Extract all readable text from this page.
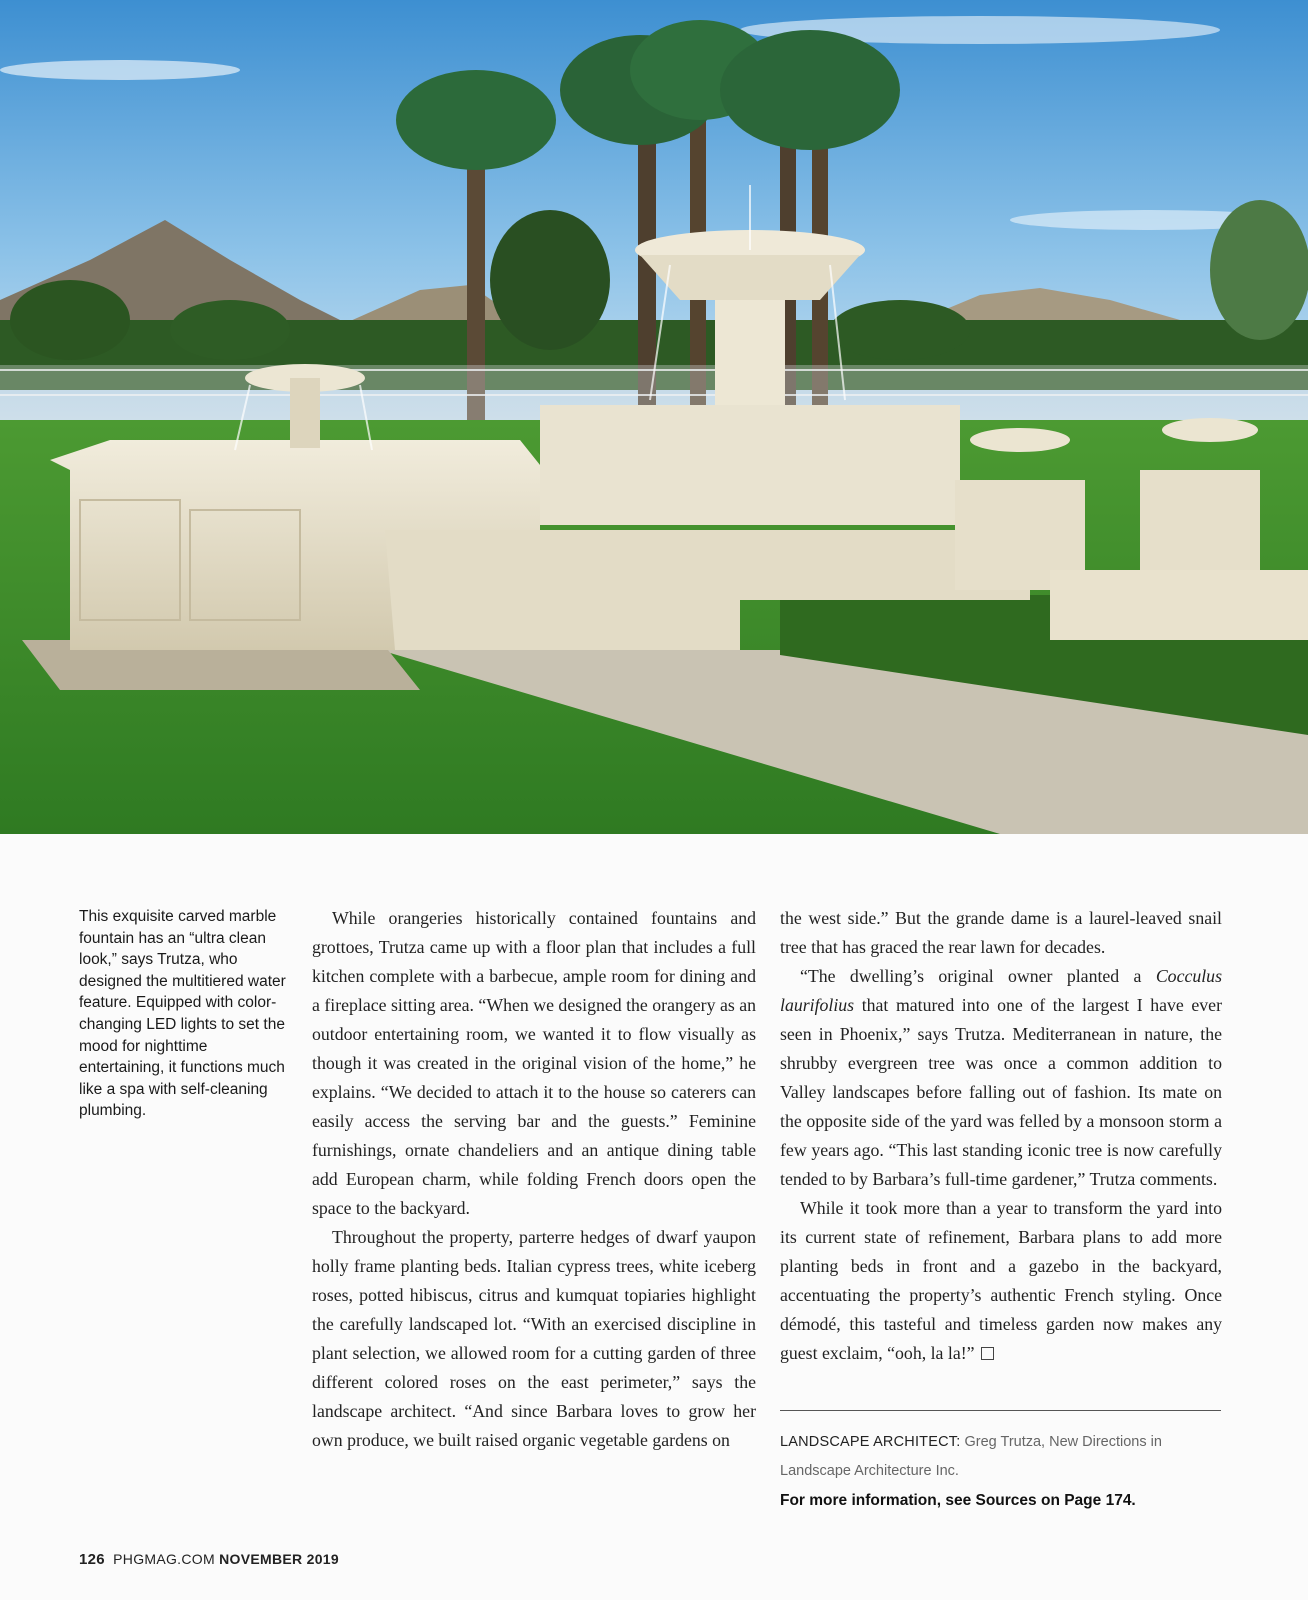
This exquisite carved marble fountain has an “ultra clean look,” says Trutza, who designed the multitiered water feature. Equipped with color-changing LED lights to set the mood for nighttime entertaining, it functions much like a spa with self-cleaning plumbing.

While orangeries historically contained fountains and grottoes, Trutza came up with a floor plan that includes a full kitchen complete with a barbecue, ample room for dining and a fireplace sitting area. “When we designed the orangery as an outdoor entertaining room, we wanted it to flow visually as though it was created in the original vision of the home,” he explains. “We decided to attach it to the house so caterers can easily access the serving bar and the guests.” Feminine furnishings, ornate chandeliers and an antique dining table add European charm, while folding French doors open the space to the backyard.

Throughout the property, parterre hedges of dwarf yaupon holly frame planting beds. Italian cypress trees, white iceberg roses, potted hibiscus, citrus and kumquat topiaries highlight the carefully landscaped lot. “With an exercised discipline in plant selection, we allowed room for a cutting garden of three different colored roses on the east perimeter,” says the landscape architect. “And since Barbara loves to grow her own produce, we built raised organic vegetable gardens on

the west side.” But the grande dame is a laurel-leaved snail tree that has graced the rear lawn for decades.

“The dwelling’s original owner planted a Cocculus laurifolius that matured into one of the largest I have ever seen in Phoenix,” says Trutza. Mediterranean in nature, the shrubby evergreen tree was once a common addition to Valley landscapes before falling out of fashion. Its mate on the opposite side of the yard was felled by a monsoon storm a few years ago. “This last standing iconic tree is now carefully tended to by Barbara’s full-time gardener,” Trutza comments.

While it took more than a year to transform the yard into its current state of refinement, Barbara plans to add more planting beds in front and a gazebo in the backyard, accentuating the property’s authentic French styling. Once démodé, this tasteful and timeless garden now makes any guest exclaim, “ooh, la la!”

LANDSCAPE ARCHITECT: Greg Trutza, New Directions in Landscape Architecture Inc.
For more information, see Sources on Page 174.
126 PHGMAG.COM NOVEMBER 2019
